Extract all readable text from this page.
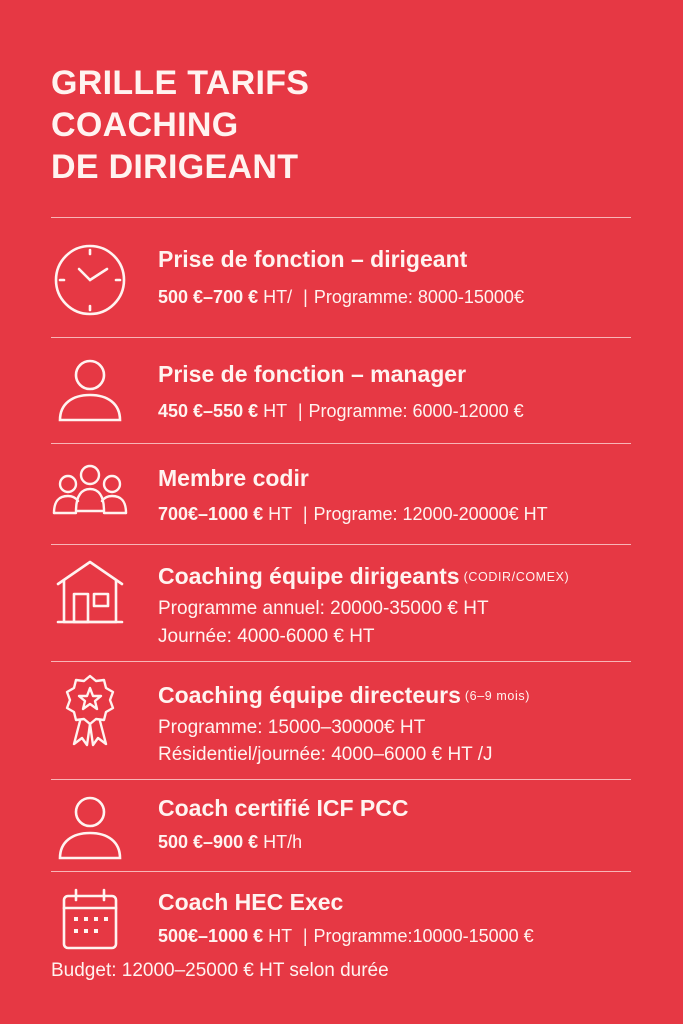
GRILLE TARIFS
COACHING
DE DIRIGEANT
Prise de fonction – dirigeant
500 €–700 € HT/ | Programme: 8000-15000€
Prise de fonction – manager
450 €–550 € HT | Programme: 6000-12000 €
Membre codir
700€–1000 € HT | Programe: 12000-20000€ HT
Coaching équipe dirigeants (CODIR/COMEX)
Programme annuel: 20000-35000 € HT
Journée: 4000-6000 € HT
Coaching équipe directeurs (6–9 mois)
Programme: 15000–30000€ HT
Résidentiel/journée: 4000–6000 € HT /J
Coach certifié ICF PCC
500 €–900 € HT/h
Coach HEC Exec
500€–1000 € HT | Programme:10000-15000 €
Budget: 12000–25000 € HT selon durée
